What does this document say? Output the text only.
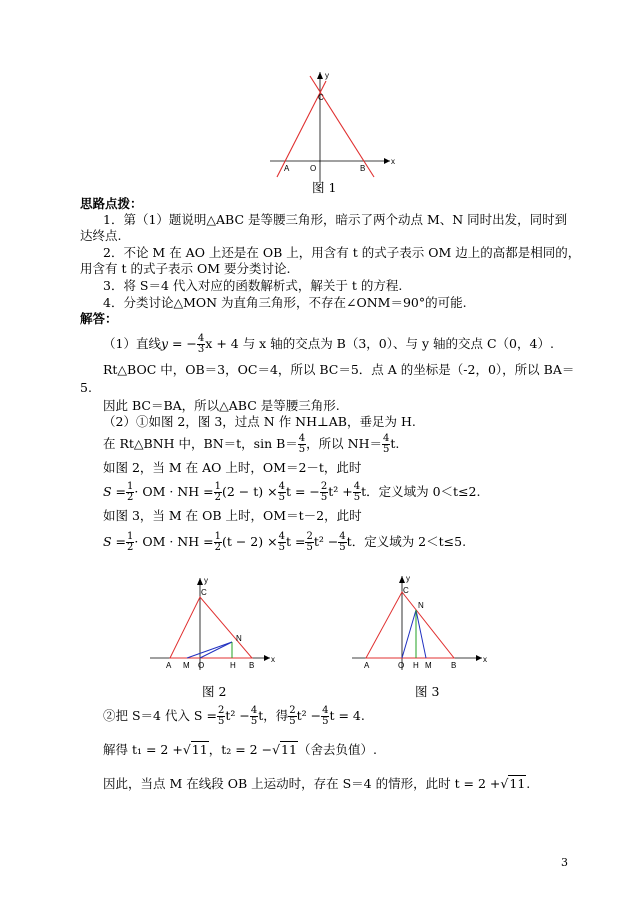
y
x
C
A	O	B
图 1
思路点拨：
1．第（1）题说明△ABC 是等腰三角形，暗示了两个动点 M、N 同时出发，同时到
达终点.
2．不论 M 在 AO 上还是在 OB 上，用含有 t 的式子表示 OM 边上的高都是相同的，
用含有 t 的式子表示 OM 要分类讨论.
3．将 S＝4 代入对应的函数解析式，解关于 t 的方程.
4．分类讨论△MON 为直角三角形，不存在∠ONM＝90°的可能.
解答：
（1）直线y = − $\frac{4}{3}$ x + 4 与 x 轴的交点为 B（3，0）、与 y 轴的交点 C（0，4）.
Rt△BOC 中，OB＝3，OC＝4，所以 BC＝5．点 A 的坐标是（-2，0），所以 BA＝
5.
因此 BC＝BA，所以△ABC 是等腰三角形.
（2）①如图 2，图 3，过点 N 作 NH⊥AB，垂足为 H.
在 Rt△BNH 中，BN＝t，$\sin B= \frac{4}{5}$ ，所以 $NH= \frac{4}{5} t$.
如图 2，当 M 在 AO 上时，OM＝2－t，此时
$S = \frac{1}{2}$ · OM · NH = $\frac{1}{2} (2 - t) \times \frac{4}{5}$ t = − $\frac{2}{5} t^2 + \frac{4}{5}$ t．定义域为 0＜t≤2.
如图 3，当 M 在 OB 上时，OM＝t－2，此时
$S = \frac{1}{2}$ · OM · NH = $\frac{1}{2} (t - 2) \times \frac{4}{5}$ $t = \frac{2}{5} t^2 - \frac{4}{5}$ t．定义域为 2＜t≤5.
y
x
C
N
A M O	H B
图 2
y
x
C
N
A	O H M B
图 3
②把 S＝4 代入 $S = \frac{2}{5} t^2 - \frac{4}{5}$ t，得 $\frac{2}{5} t^2 - \frac{4}{5}$ t = 4.
解得 t₁ = 2 +√11，t₂ = 2 −√11（舍去负值）.
因此，当点 M 在线段 OB 上运动时，存在 S＝4 的情形，此时 t = 2 +√11.
3
